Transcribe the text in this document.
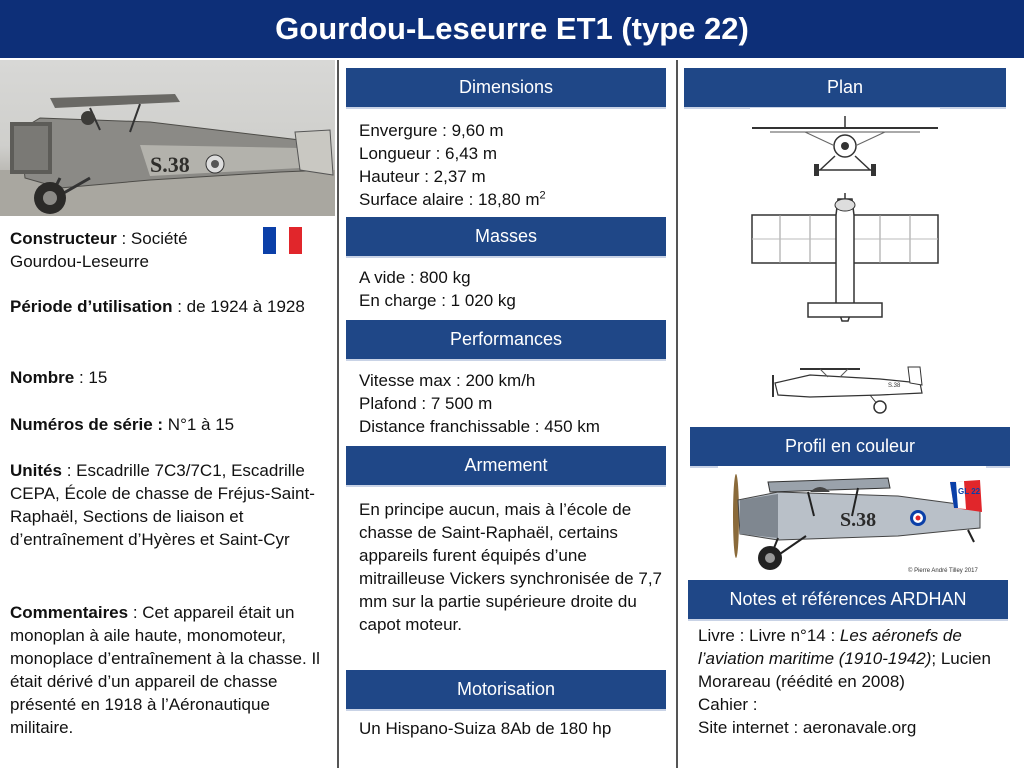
Gourdou-Leseurre ET1 (type 22)
S.38
Constructeur : Société Gourdou-Leseurre
Période d’utilisation : de 1924 à 1928
Nombre : 15
Numéros de série : N°1 à 15
Unités : Escadrille 7C3/7C1, Escadrille CEPA, École de chasse de Fréjus-Saint-Raphaël, Sections de liaison et d’entraînement d’Hyères et Saint-Cyr
Commentaires : Cet appareil était un monoplan à aile haute, monomoteur, monoplace d’entraînement à la chasse. Il était dérivé d’un appareil de chasse présenté en 1918 à l’Aéronautique militaire.
Dimensions
Envergure : 9,60 m
Longueur : 6,43 m
Hauteur : 2,37 m
Surface alaire : 18,80 $m^2$
Masses
A vide : 800 kg
En charge : 1 020 kg
Performances
Vitesse max : 200 km/h
Plafond : 7 500 m
Distance franchissable : 450 km
Armement
En principe aucun, mais à l’école de chasse de Saint-Raphaël, certains appareils furent équipés d’une mitrailleuse Vickers synchronisée de 7,7 mm sur la partie supérieure droite du capot moteur.
Motorisation
Un Hispano-Suiza 8Ab de 180 hp
Plan
S.38
Profil en couleur
GL 22
S.38
© Pierre André Tilley 2017
Notes et références ARDHAN
Livre : Livre n°14 : Les aéronefs de l’aviation maritime (1910-1942); Lucien Morareau (réédité en 2008)
Cahier :
Site internet : aeronavale.org
